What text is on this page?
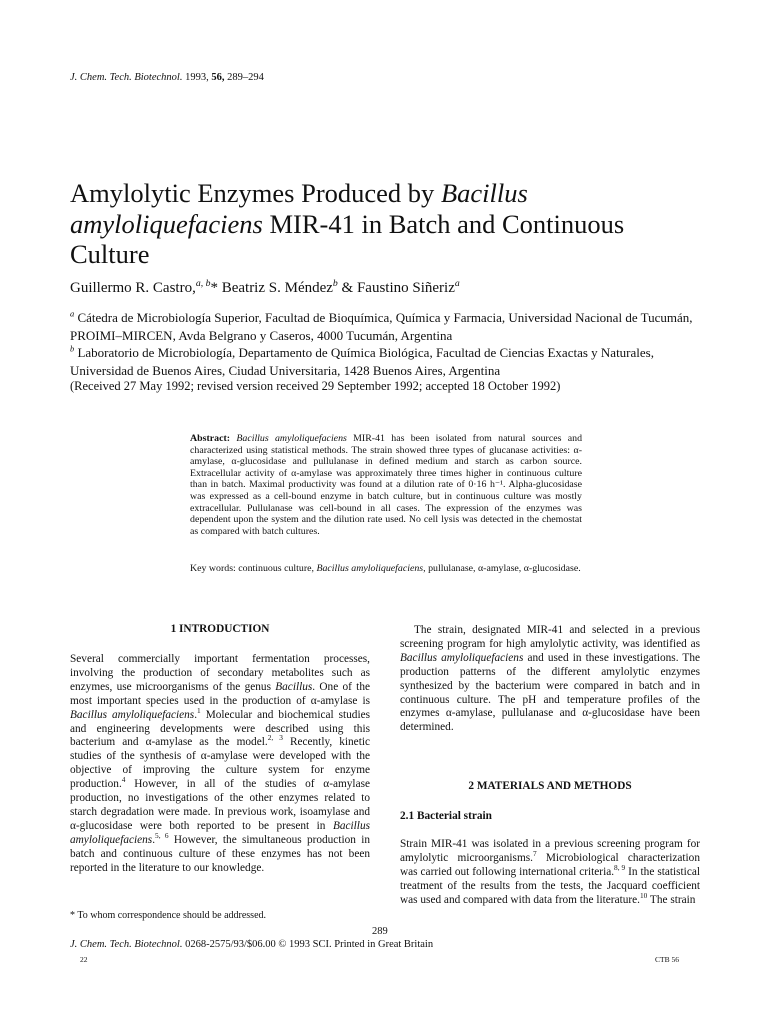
J. Chem. Tech. Biotechnol. 1993, 56, 289–294
Amylolytic Enzymes Produced by Bacillus amyloliquefaciens MIR-41 in Batch and Continuous Culture
Guillermo R. Castro,$^{a, b}$* Beatriz S. Méndez$^b$ & Faustino Siñeriz$^a$

$^a$ Cátedra de Microbiología Superior, Facultad de Bioquímica, Química y Farmacia, Universidad Nacional de Tucumán, PROIMI–MIRCEN, Avda Belgrano y Caseros, 4000 Tucumán, Argentina

$^b$ Laboratorio de Microbiología, Departamento de Química Biológica, Facultad de Ciencias Exactas y Naturales, Universidad de Buenos Aires, Ciudad Universitaria, 1428 Buenos Aires, Argentina

(Received 27 May 1992; revised version received 29 September 1992; accepted 18 October 1992)

Abstract: Bacillus amyloliquefaciens MIR-41 has been isolated from natural sources and characterized using statistical methods. The strain showed three types of glucanase activities: α-amylase, α-glucosidase and pullulanase in defined medium and starch as carbon source. Extracellular activity of α-amylase was approximately three times higher in continuous culture than in batch. Maximal productivity was found at a dilution rate of 0·16 h⁻¹. Alpha-glucosidase was expressed as a cell-bound enzyme in batch culture, but in continuous culture was mostly extracellular. Pullulanase was cell-bound in all cases. The expression of the enzymes was dependent upon the system and the dilution rate used. No cell lysis was detected in the chemostat as compared with batch cultures.

Key words: continuous culture, Bacillus amyloliquefaciens, pullulanase, α-amylase, α-glucosidase.
1 INTRODUCTION

Several commercially important fermentation processes, involving the production of secondary metabolites such as enzymes, use microorganisms of the genus Bacillus. One of the most important species used in the production of α-amylase is Bacillus amyloliquefaciens.$^1$ Molecular and biochemical studies and engineering developments were described using this bacterium and α-amylase as the model.$^{2, 3}$ Recently, kinetic studies of the synthesis of α-amylase were developed with the objective of improving the culture system for enzyme production.$^4$ However, in all of the studies of α-amylase production, no investigations of the other enzymes related to starch degradation were made. In previous work, isoamylase and α-glucosidase were both reported to be present in Bacillus amyloliquefaciens.$^{5, 6}$ However, the simultaneous production in batch and continuous culture of these enzymes has not been reported in the literature to our knowledge.

The strain, designated MIR-41 and selected in a previous screening program for high amylolytic activity, was identified as Bacillus amyloliquefaciens and used in these investigations. The production patterns of the different amylolytic enzymes synthesized by the bacterium were compared in batch and in continuous culture. The pH and temperature profiles of the enzymes α-amylase, pullulanase and α-glucosidase have been determined.

2 MATERIALS AND METHODS
2.1 Bacterial strain

Strain MIR-41 was isolated in a previous screening program for amylolytic microorganisms.$^7$ Microbiological characterization was carried out following international criteria.$^{8, 9}$ In the statistical treatment of the results from the tests, the Jacquard coefficient was used and compared with data from the literature.$^{10}$ The strain

* To whom correspondence should be addressed.
289
J. Chem. Tech. Biotechnol. 0268-2575/93/$06.00 © 1993 SCI. Printed in Great Britain
22	CTB 56
